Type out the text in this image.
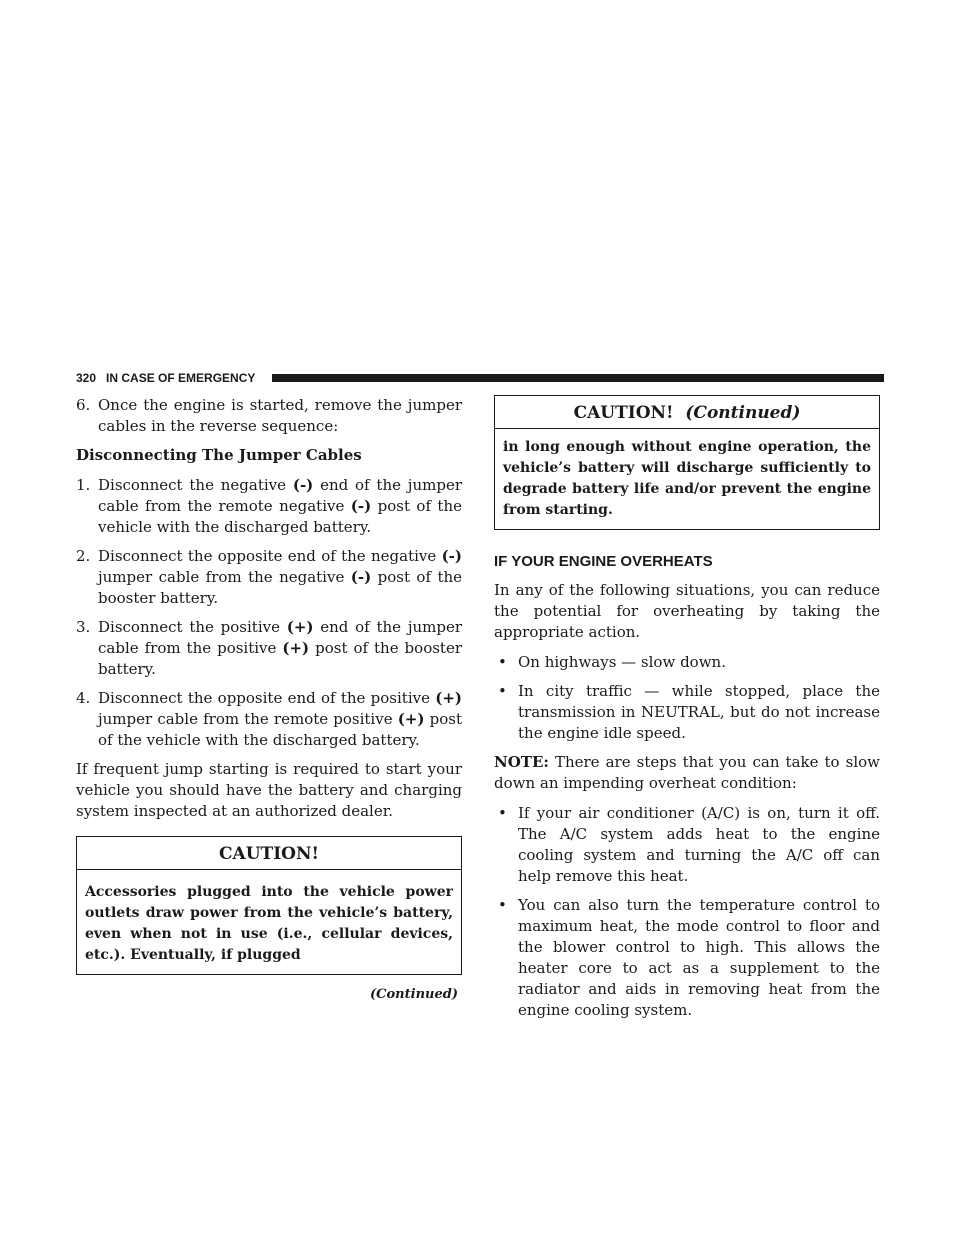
320 IN CASE OF EMERGENCY
6. Once the engine is started, remove the jumper cables in the reverse sequence:

Disconnecting The Jumper Cables

1. Disconnect the negative (-) end of the jumper cable from the remote negative (-) post of the vehicle with the discharged battery.
2. Disconnect the opposite end of the negative (-) jumper cable from the negative (-) post of the booster battery.
3. Disconnect the positive (+) end of the jumper cable from the positive (+) post of the booster battery.
4. Disconnect the opposite end of the positive (+) jumper cable from the remote positive (+) post of the vehicle with the discharged battery.

If frequent jump starting is required to start your vehicle you should have the battery and charging system inspected at an authorized dealer.

CAUTION!
Accessories plugged into the vehicle power outlets draw power from the vehicle’s battery, even when not in use (i.e., cellular devices, etc.). Eventually, if plugged
(Continued)
CAUTION! (Continued)
in long enough without engine operation, the vehicle’s battery will discharge sufficiently to degrade battery life and/or prevent the engine from starting.
IF YOUR ENGINE OVERHEATS

In any of the following situations, you can reduce the potential for overheating by taking the appropriate action.

• On highways — slow down.
• In city traffic — while stopped, place the transmission in NEUTRAL, but do not increase the engine idle speed.

NOTE: There are steps that you can take to slow down an impending overheat condition:

• If your air conditioner (A/C) is on, turn it off. The A/C system adds heat to the engine cooling system and turning the A/C off can help remove this heat.
• You can also turn the temperature control to maximum heat, the mode control to floor and the blower control to high. This allows the heater core to act as a supplement to the radiator and aids in removing heat from the engine cooling system.
